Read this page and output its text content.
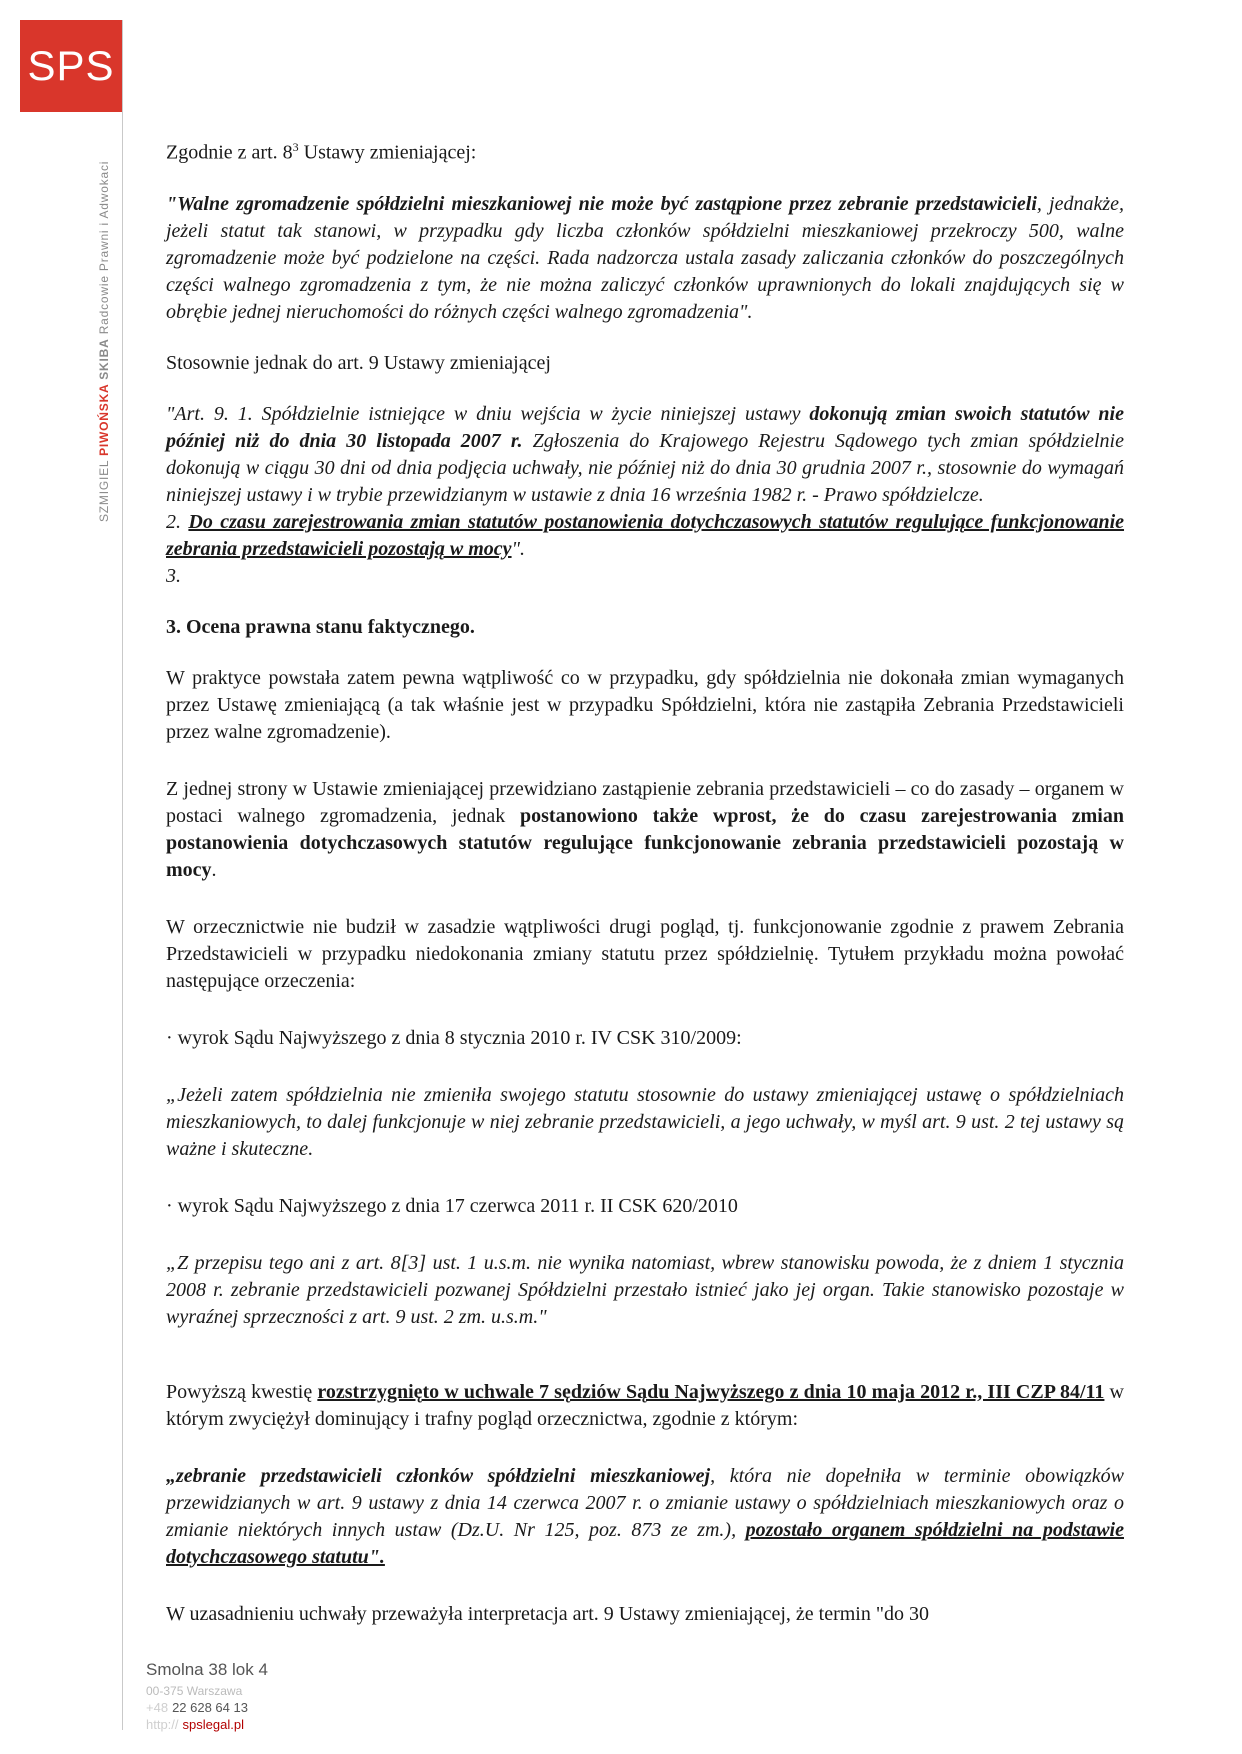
SPS
SZMIGIEL PIWOŃSKA SKIBA Radcowie Prawni i Adwokaci

Zgodnie z art. $8^3$ Ustawy zmieniającej:

"Walne zgromadzenie spółdzielni mieszkaniowej nie może być zastąpione przez zebranie przedstawicieli, jednakże, jeżeli statut tak stanowi, w przypadku gdy liczba członków spółdzielni mieszkaniowej przekroczy 500, walne zgromadzenie może być podzielone na części. Rada nadzorcza ustala zasady zaliczania członków do poszczególnych części walnego zgromadzenia z tym, że nie można zaliczyć członków uprawnionych do lokali znajdujących się w obrębie jednej nieruchomości do różnych części walnego zgromadzenia".

Stosownie jednak do art. 9 Ustawy zmieniającej

"Art. 9. 1. Spółdzielnie istniejące w dniu wejścia w życie niniejszej ustawy dokonują zmian swoich statutów nie później niż do dnia 30 listopada 2007 r. Zgłoszenia do Krajowego Rejestru Sądowego tych zmian spółdzielnie dokonują w ciągu 30 dni od dnia podjęcia uchwały, nie później niż do dnia 30 grudnia 2007 r., stosownie do wymagań niniejszej ustawy i w trybie przewidzianym w ustawie z dnia 16 września 1982 r. - Prawo spółdzielcze.

2. Do czasu zarejestrowania zmian statutów postanowienia dotychczasowych statutów regulujące funkcjonowanie zebrania przedstawicieli pozostają w mocy".

3.

3. Ocena prawna stanu faktycznego.

W praktyce powstała zatem pewna wątpliwość co w przypadku, gdy spółdzielnia nie dokonała zmian wymaganych przez Ustawę zmieniającą (a tak właśnie jest w przypadku Spółdzielni, która nie zastąpiła Zebrania Przedstawicieli przez walne zgromadzenie).

Z jednej strony w Ustawie zmieniającej przewidziano zastąpienie zebrania przedstawicieli – co do zasady – organem w postaci walnego zgromadzenia, jednak postanowiono także wprost, że do czasu zarejestrowania zmian postanowienia dotychczasowych statutów regulujące funkcjonowanie zebrania przedstawicieli pozostają w mocy.

W orzecznictwie nie budził w zasadzie wątpliwości drugi pogląd, tj. funkcjonowanie zgodnie z prawem Zebrania Przedstawicieli w przypadku niedokonania zmiany statutu przez spółdzielnię. Tytułem przykładu można powołać następujące orzeczenia:

· wyrok Sądu Najwyższego z dnia 8 stycznia 2010 r. IV CSK 310/2009:

„Jeżeli zatem spółdzielnia nie zmieniła swojego statutu stosownie do ustawy zmieniającej ustawę o spółdzielniach mieszkaniowych, to dalej funkcjonuje w niej zebranie przedstawicieli, a jego uchwały, w myśl art. 9 ust. 2 tej ustawy są ważne i skuteczne.

· wyrok Sądu Najwyższego z dnia 17 czerwca 2011 r. II CSK 620/2010

„Z przepisu tego ani z art. 8[3] ust. 1 u.s.m. nie wynika natomiast, wbrew stanowisku powoda, że z dniem 1 stycznia 2008 r. zebranie przedstawicieli pozwanej Spółdzielni przestało istnieć jako jej organ. Takie stanowisko pozostaje w wyraźnej sprzeczności z art. 9 ust. 2 zm. u.s.m."

Powyższą kwestię rozstrzygnięto w uchwale 7 sędziów Sądu Najwyższego z dnia 10 maja 2012 r., III CZP 84/11 w którym zwyciężył dominujący i trafny pogląd orzecznictwa, zgodnie z którym:

„zebranie przedstawicieli członków spółdzielni mieszkaniowej, która nie dopełniła w terminie obowiązków przewidzianych w art. 9 ustawy z dnia 14 czerwca 2007 r. o zmianie ustawy o spółdzielniach mieszkaniowych oraz o zmianie niektórych innych ustaw (Dz.U. Nr 125, poz. 873 ze zm.), pozostało organem spółdzielni na podstawie dotychczasowego statutu".

W uzasadnieniu uchwały przeważyła interpretacja art. 9 Ustawy zmieniającej, że termin "do 30

Smolna 38 lok 4
00-375 Warszawa
+48 22 628 64 13
http:// spslegal.pl
